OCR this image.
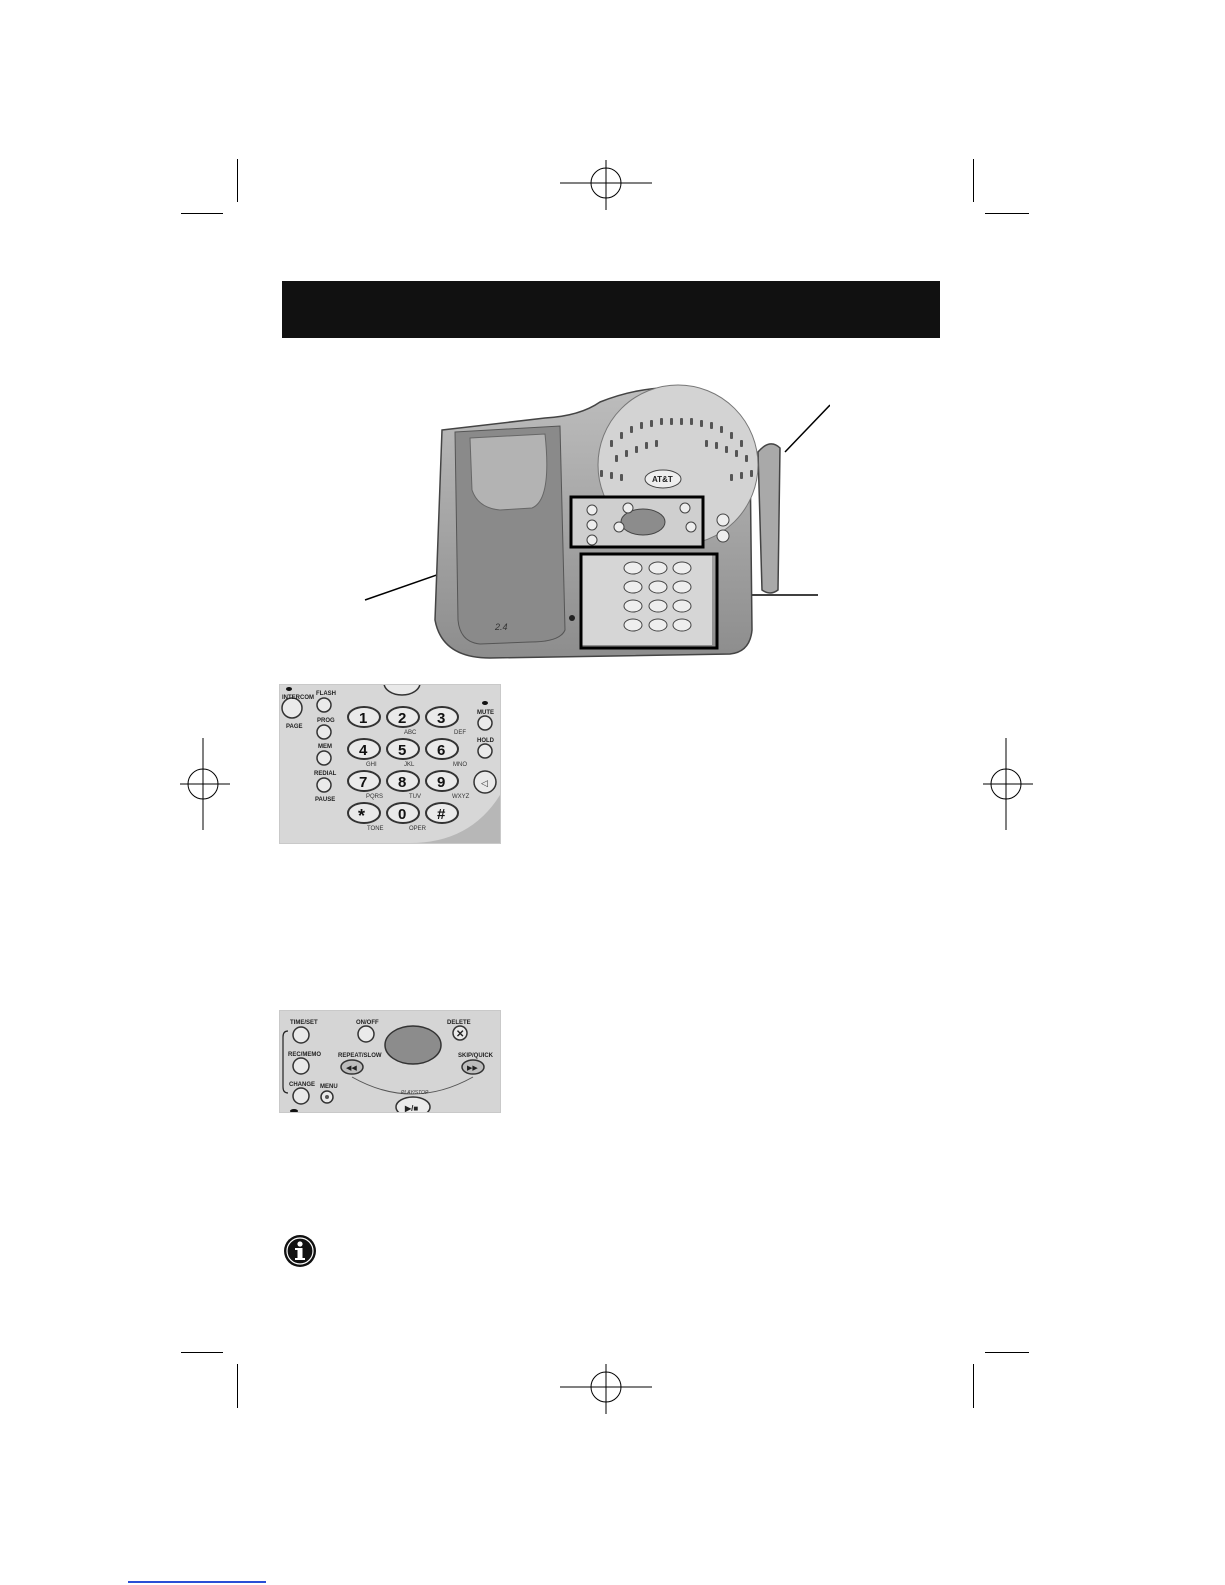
2.4
AT&T
INTERCOM
PAGE
FLASH
PROG
MEM
REDIAL
PAUSE
MUTE
HOLD
◁
1 2
ABC
3
DEF
4
GHI
5
JKL
6
MNO
7
PQRS
8
TUV
9
WXYZ
*
TONE
0
OPER
#
TIME/SET
REC/MEMO
CHANGE MENU
ON/OFF	DELETE
✕
REPEAT/SLOW
◀◀
SKIP/QUICK
▶▶
PLAY/STOP
▶/■
